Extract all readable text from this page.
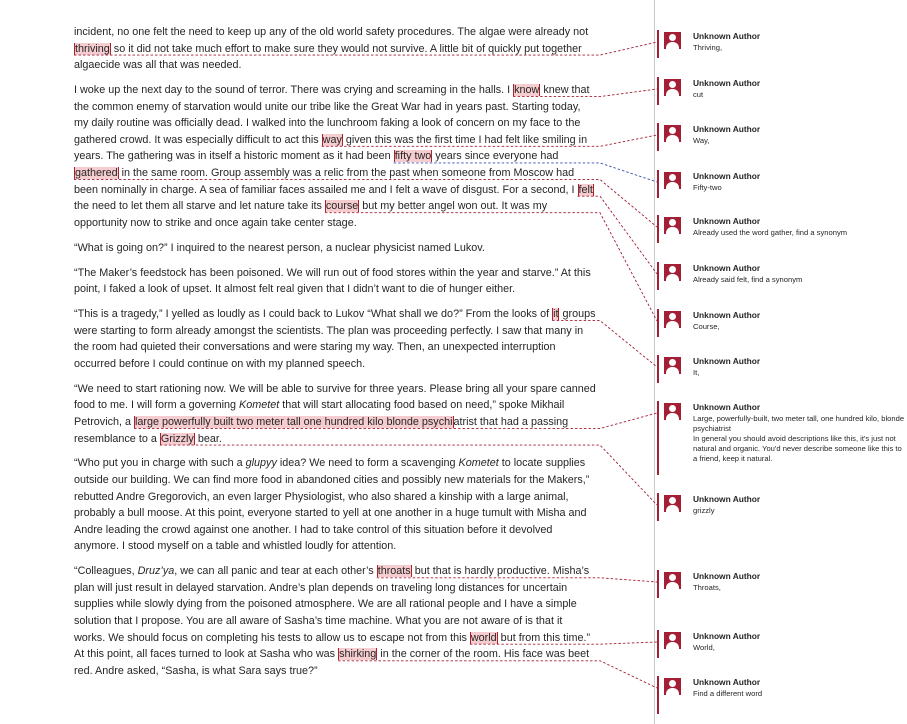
incident, no one felt the need to keep up any of the old world safety procedures. The algae were already not thriving so it did not take much effort to make sure they would not survive. A little bit of quickly put together algaecide was all that was needed.

I woke up the next day to the sound of terror. There was crying and screaming in the halls. I know knew that the common enemy of starvation would unite our tribe like the Great War had in years past. Starting today, my daily routine was officially dead. I walked into the lunchroom faking a look of concern on my face to the gathered crowd. It was especially difficult to act this way given this was the first time I had felt like smiling in years. The gathering was in itself a historic moment as it had been fifty two years since everyone had gathered in the same room. Group assembly was a relic from the past when someone from Moscow had been nominally in charge. A sea of familiar faces assailed me and I felt a wave of disgust. For a second, I felt the need to let them all starve and let nature take its course but my better angel won out. It was my opportunity now to strike and once again take center stage.

“What is going on?” I inquired to the nearest person, a nuclear physicist named Lukov.

“The Maker’s feedstock has been poisoned. We will run out of food stores within the year and starve.” At this point, I faked a look of upset. It almost felt real given that I didn’t want to die of hunger either.

“This is a tragedy,” I yelled as loudly as I could back to Lukov “What shall we do?” From the looks of it groups were starting to form already amongst the scientists. The plan was proceeding perfectly. I saw that many in the room had quieted their conversations and were staring my way. Then, an unexpected interruption occurred before I could continue on with my planned speech.

“We need to start rationing now. We will be able to survive for three years. Please bring all your spare canned food to me. I will form a governing Kometet that will start allocating food based on need,” spoke Mikhail Petrovich, a large powerfully built two meter tall one hundred kilo blonde psychiatrist that had a passing resemblance to a Grizzly bear.

“Who put you in charge with such a glupyy idea? We need to form a scavenging Kometet to locate supplies outside our building. We can find more food in abandoned cities and possibly new materials for the Makers,” rebutted Andre Gregorovich, an even larger Physiologist, who also shared a kinship with a large animal, probably a bull moose. At this point, everyone started to yell at one another in a huge tumult with Misha and Andre leading the crowd against one another. I had to take control of this situation before it devolved anymore. I stood myself on a table and whistled loudly for attention.

“Colleagues, Druz’ya, we can all panic and tear at each other’s throats but that is hardly productive. Misha’s plan will just result in delayed starvation. Andre’s plan depends on traveling long distances for uncertain supplies while slowly dying from the poisoned atmosphere. We are all rational people and I have a simple solution that I propose. You are all aware of Sasha’s time machine. What you are not aware of is that it works. We should focus on completing his tests to allow us to escape not from this world but from this time.” At this point, all faces turned to look at Sasha who was shirking in the corner of the room. His face was beet red. Andre asked, “Sasha, is what Sara says true?”

Unknown Author
Thriving,
Unknown Author
cut
Unknown Author
Way,
Unknown Author
Fifty-two
Unknown Author
Already used the word gather, find a synonym
Unknown Author
Already said felt, find a synonym
Unknown Author
Course,
Unknown Author
It,
Unknown Author
Large, powerfully-built, two meter tall, one hundred kilo, blonde psychiatrist
In general you should avoid descriptions like this, it's just not natural and organic. You'd never describe someone like this to a friend, keep it natural.
Unknown Author
grizzly
Unknown Author
Throats,
Unknown Author
World,
Unknown Author
Find a different word
